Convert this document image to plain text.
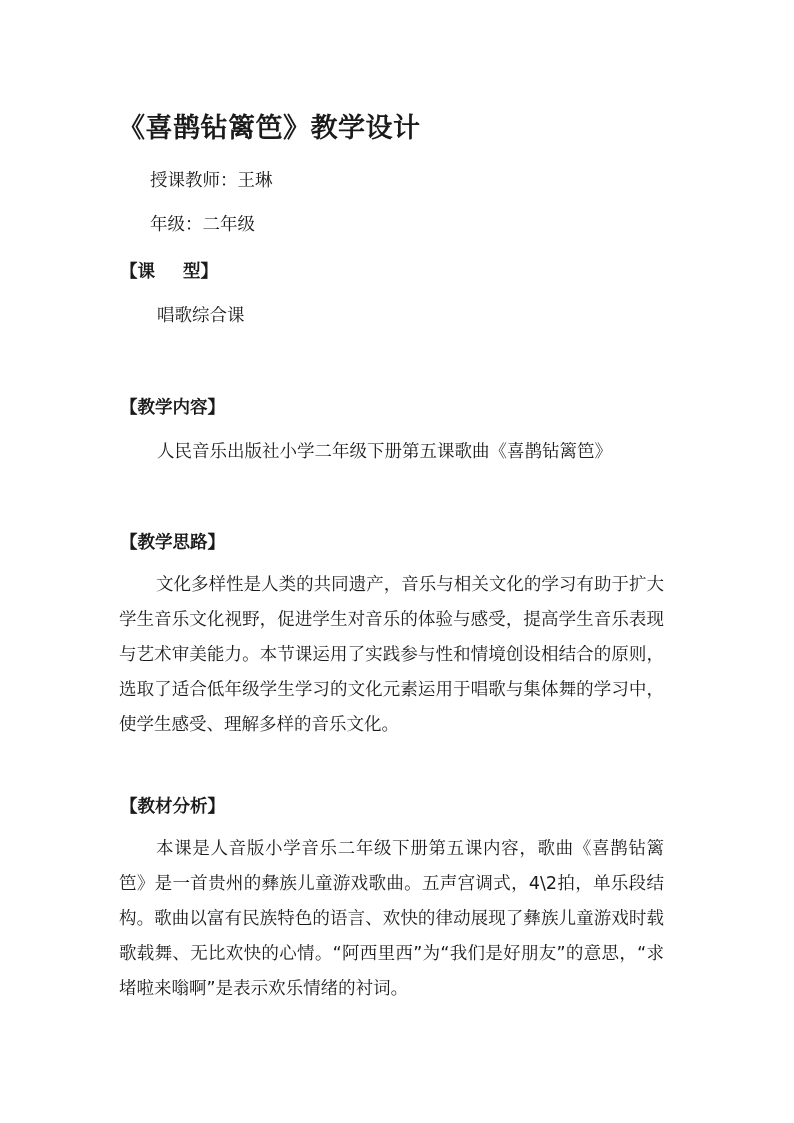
《喜鹊钻篱笆》教学设计

授课教师：王琳

年级：二年级

【课 型】

唱歌综合课

【教学内容】

人民音乐出版社小学二年级下册第五课歌曲《喜鹊钻篱笆》

【教学思路】

文化多样性是人类的共同遗产，音乐与相关文化的学习有助于扩大学生音乐文化视野，促进学生对音乐的体验与感受，提高学生音乐表现与艺术审美能力。本节课运用了实践参与性和情境创设相结合的原则，选取了适合低年级学生学习的文化元素运用于唱歌与集体舞的学习中，使学生感受、理解多样的音乐文化。

【教材分析】

本课是人音版小学音乐二年级下册第五课内容，歌曲《喜鹊钻篱笆》是一首贵州的彝族儿童游戏歌曲。五声宫调式，4\2拍，单乐段结构。歌曲以富有民族特色的语言、欢快的律动展现了彝族儿童游戏时载歌载舞、无比欢快的心情。“阿西里西”为“我们是好朋友”的意思，“求堵啦来嗡啊”是表示欢乐情绪的衬词。
